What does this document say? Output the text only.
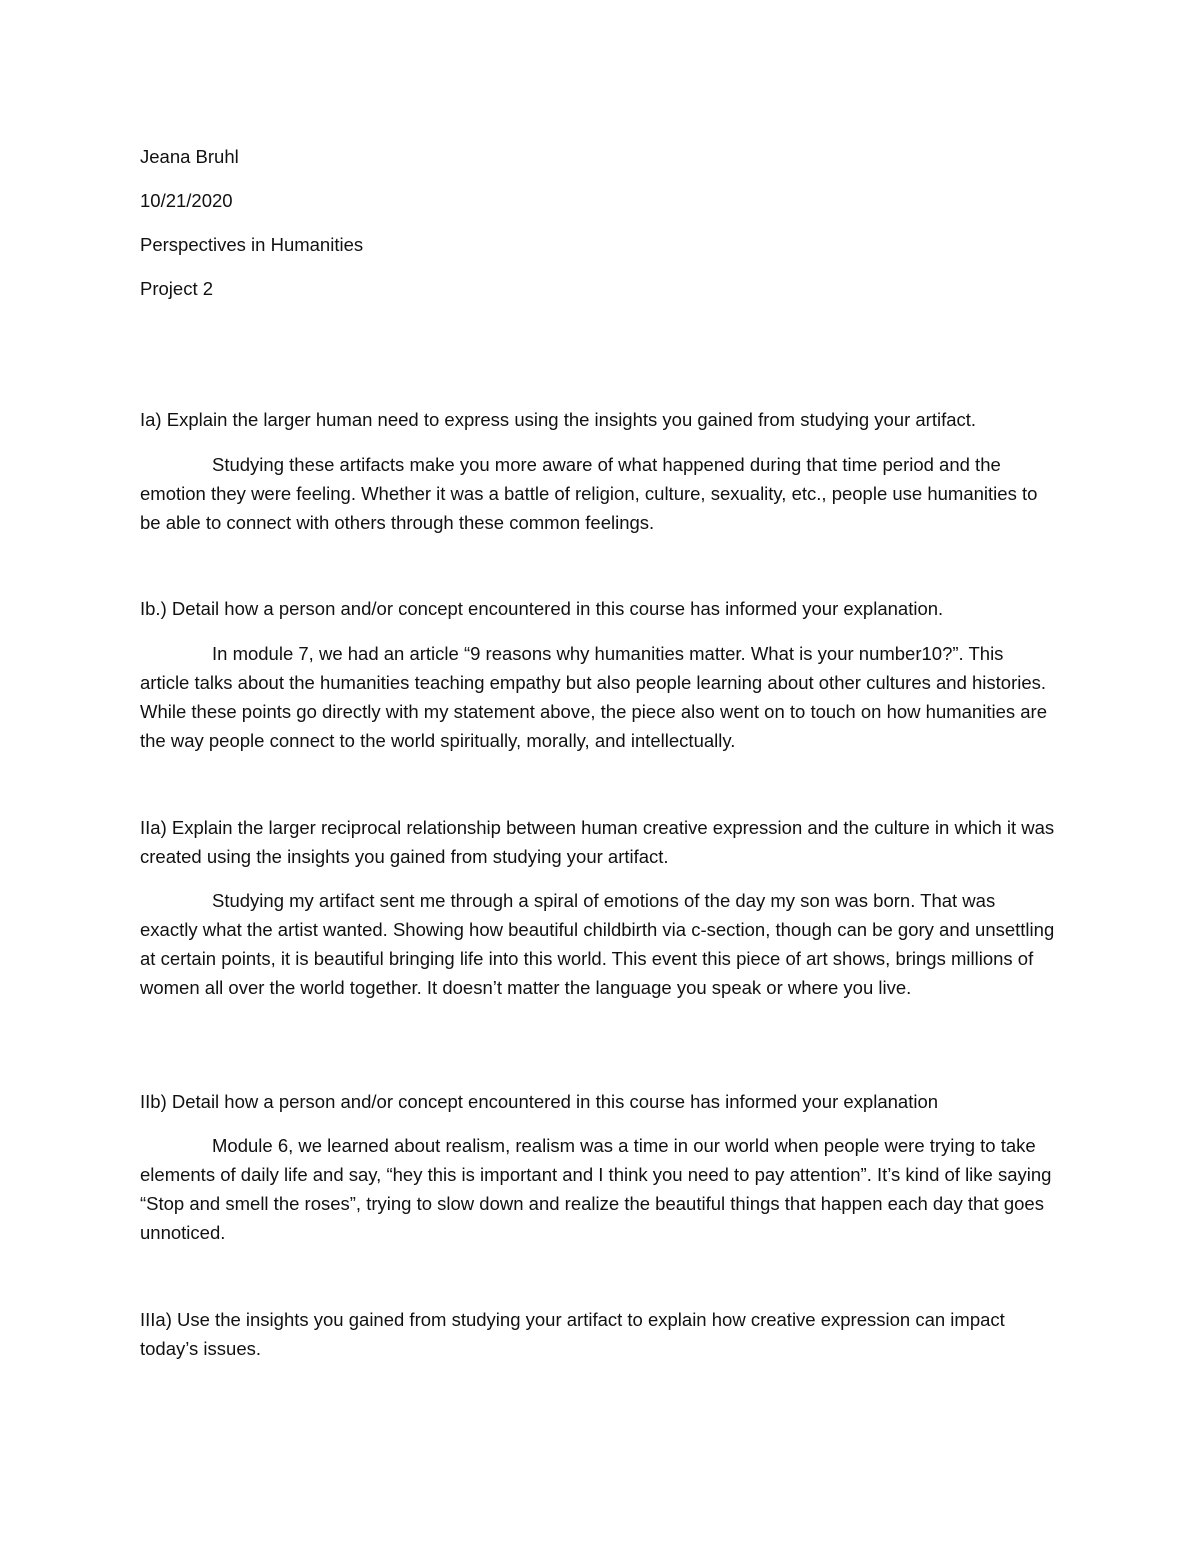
Jeana Bruhl

10/21/2020

Perspectives in Humanities

Project 2

Ia) Explain the larger human need to express using the insights you gained from studying your artifact.

Studying these artifacts make you more aware of what happened during that time period and the emotion they were feeling. Whether it was a battle of religion, culture, sexuality, etc., people use humanities to be able to connect with others through these common feelings.

Ib.) Detail how a person and/or concept encountered in this course has informed your explanation.

In module 7, we had an article “9 reasons why humanities matter. What is your number10?”. This article talks about the humanities teaching empathy but also people learning about other cultures and histories. While these points go directly with my statement above, the piece also went on to touch on how humanities are the way people connect to the world spiritually, morally, and intellectually.

IIa) Explain the larger reciprocal relationship between human creative expression and the culture in which it was created using the insights you gained from studying your artifact.

Studying my artifact sent me through a spiral of emotions of the day my son was born. That was exactly what the artist wanted. Showing how beautiful childbirth via c-section, though can be gory and unsettling at certain points, it is beautiful bringing life into this world. This event this piece of art shows, brings millions of women all over the world together. It doesn’t matter the language you speak or where you live.

IIb) Detail how a person and/or concept encountered in this course has informed your explanation

Module 6, we learned about realism, realism was a time in our world when people were trying to take elements of daily life and say, “hey this is important and I think you need to pay attention”. It’s kind of like saying “Stop and smell the roses”, trying to slow down and realize the beautiful things that happen each day that goes unnoticed.

IIIa) Use the insights you gained from studying your artifact to explain how creative expression can impact today’s issues.
